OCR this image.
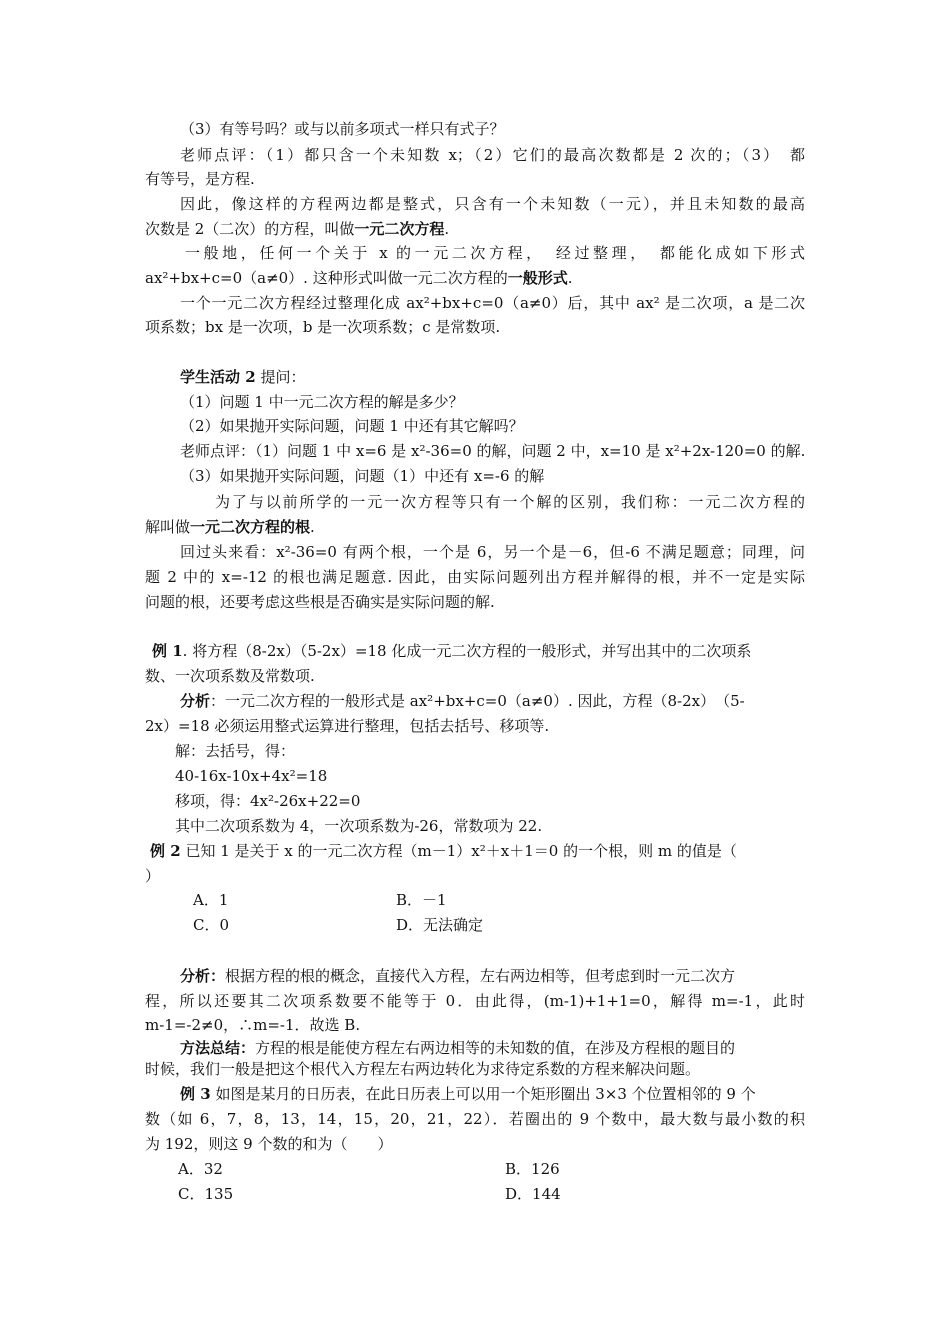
（3）有等号吗？或与以前多项式一样只有式子？
老师点评：（1）都只含一个未知数 x；（2）它们的最高次数都是 2 次的；（3）　都
有等号，是方程.
因此，像这样的方程两边都是整式，只含有一个未知数（一元），并且未知数的最高
次数是 2（二次）的方程，叫做一元二次方程.
一般地，任何一个关于 x 的一元二次方程，　经过整理，　都能化成如下形式
ax²+bx+c=0（a≠0）. 这种形式叫做一元二次方程的一般形式.
一个一元二次方程经过整理化成 ax²+bx+c=0（a≠0）后，其中 ax² 是二次项，a 是二次
项系数；bx 是一次项，b 是一次项系数；c 是常数项.
学生活动 2 提问：
（1）问题 1 中一元二次方程的解是多少？
（2）如果抛开实际问题，问题 1 中还有其它解吗？
老师点评：（1）问题 1 中 x=6 是 x²-36=0 的解，问题 2 中，x=10 是 x²+2x-120=0 的解.
（3）如果抛开实际问题，问题（1）中还有 x=-6 的解
为了与以前所学的一元一次方程等只有一个解的区别，我们称：一元二次方程的
解叫做一元二次方程的根.
回过头来看：x²-36=0 有两个根，一个是 6，另一个是－6，但-6 不满足题意；同理，问
题 2 中的 x=-12 的根也满足题意. 因此，由实际问题列出方程并解得的根，并不一定是实际
问题的根，还要考虑这些根是否确实是实际问题的解.
例 1. 将方程（8-2x）（5-2x）=18 化成一元二次方程的一般形式，并写出其中的二次项系
数、一次项系数及常数项.
分析：一元二次方程的一般形式是 ax²+bx+c=0（a≠0）. 因此，方程（8-2x）　（5-
2x）=18 必须运用整式运算进行整理，包括去括号、移项等.
解：去括号，得：
40-16x-10x+4x²=18
移项，得：4x²-26x+22=0
其中二次项系数为 4，一次项系数为-26，常数项为 22.
例 2 已知 1 是关于 x 的一元二次方程（m－1）x²＋x＋1＝0 的一个根，则 m 的值是（
）
A．1	B．－1
C．0	D．无法确定
分析：根据方程的根的概念，直接代入方程，左右两边相等，但考虑到时一元二次方
程，所以还要其二次项系数要不能等于 0．由此得，(m-1)+1+1=0，解得 m=-1，此时
m-1=-2≠0，∴m=-1．故选 B.
方法总结：方程的根是能使方程左右两边相等的未知数的值，在涉及方程根的题目的
时候，我们一般是把这个根代入方程左右两边转化为求待定系数的方程来解决问题。
例 3 如图是某月的日历表，在此日历表上可以用一个矩形圈出 3×3 个位置相邻的 9 个
数（如 6，7，8，13，14，15，20，21，22）．若圈出的 9 个数中，最大数与最小数的积
为 192，则这 9 个数的和为（　　）
A．32	B．126
C．135	D．144
